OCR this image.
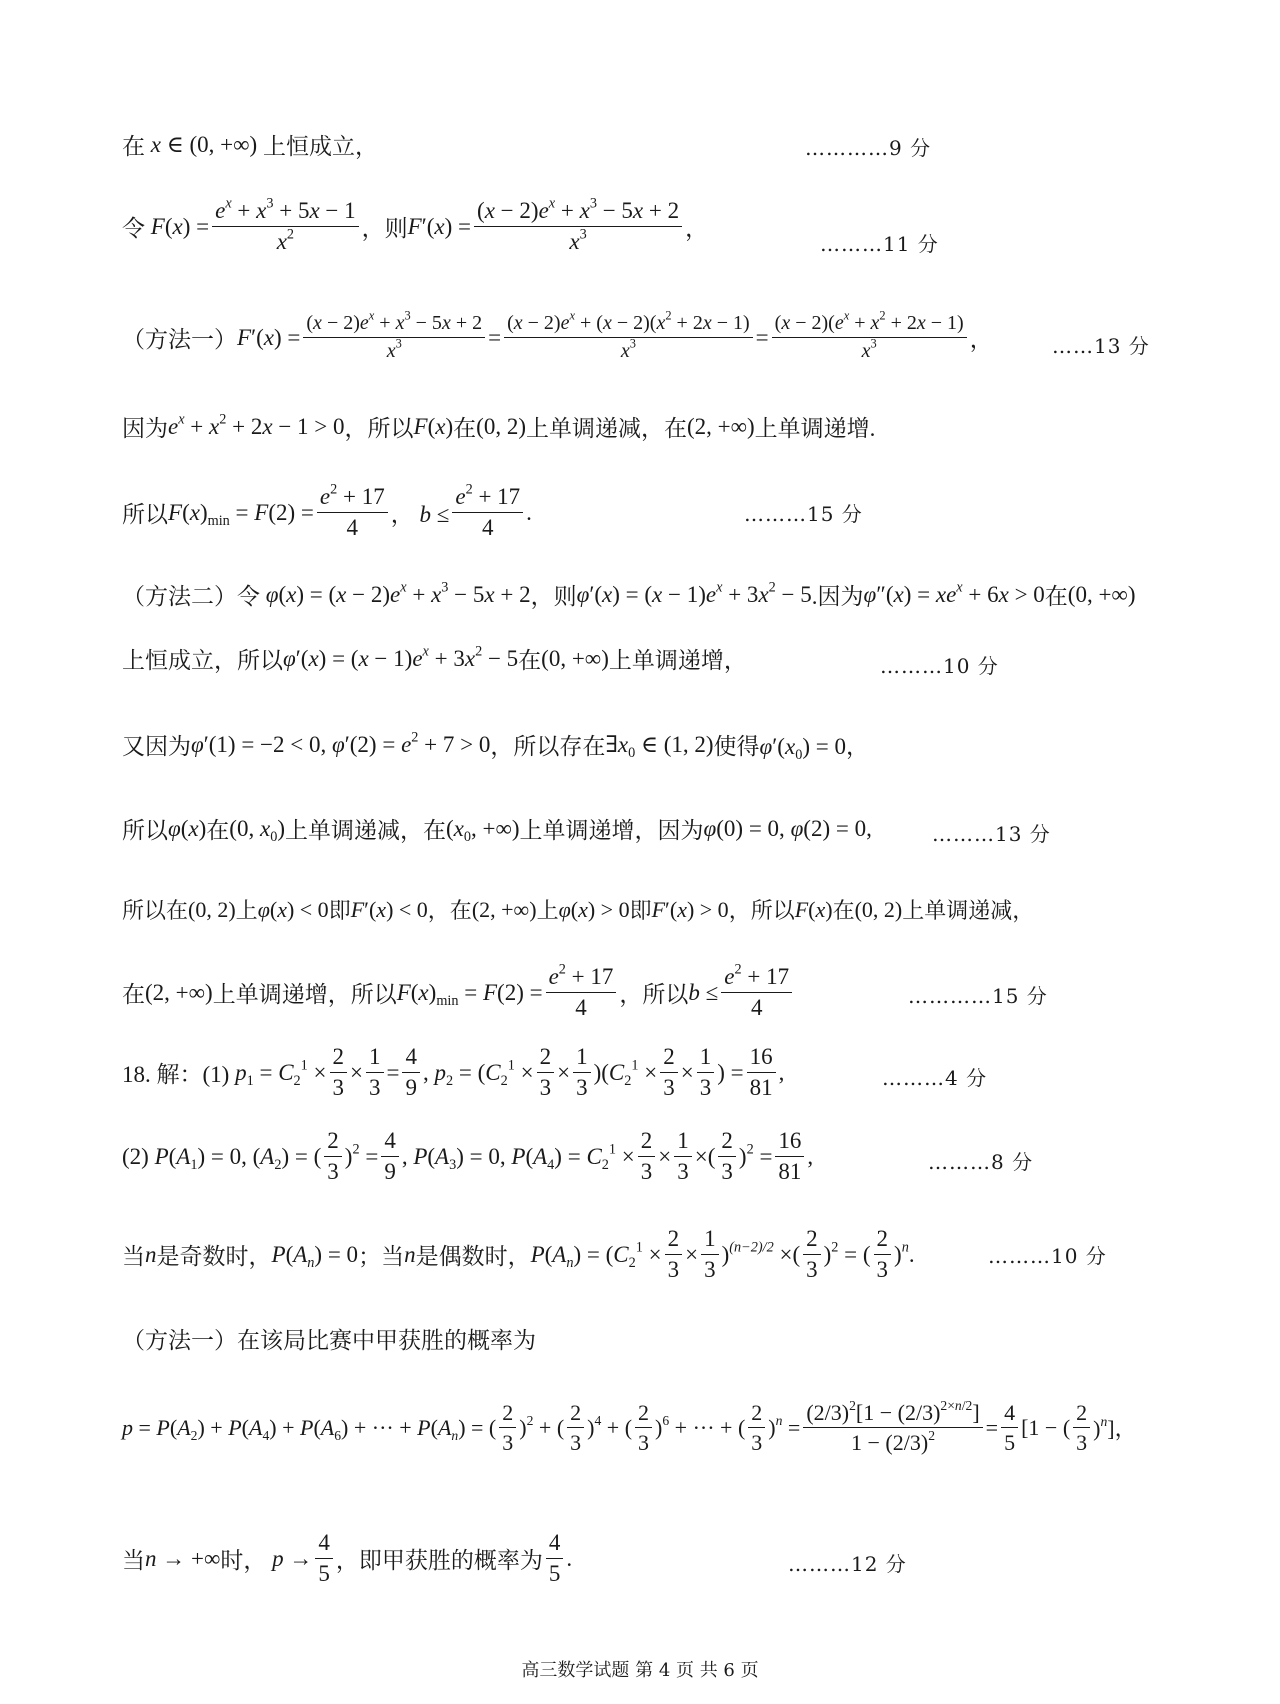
在 x ∈ (0, +∞) 上恒成立，	…………9 分
令 $F(x) = \frac{e^x + x^3 + 5x - 1}{x^2}$ ，则 $F'(x) = \frac{(x - 2)e^x + x^3 - 5x + 2}{x^3}$ ，
………11 分
（方法一） $F'(x) = \frac{(x - 2)e^x + x^3 - 5x + 2}{x^3} = \frac{(x - 2)e^x + (x - 2)(x^2 + 2x - 1)}{x^3} = \frac{(x - 2)(e^x + x^2 + 2x - 1)}{x^3}$ ，	……13 分
因为 $e^x + x^2 + 2x - 1 > 0$ ，所以 F(x) 在 (0, 2) 上单调递减，在 (2, +∞) 上单调递增.
所以 $F(x)_{min} = F(2) = \frac{e^2 + 17}{4}$ ， $b \le \frac{e^2 + 17}{4}$ .	………15 分
（方法二）令 $\varphi(x) = (x - 2)e^x + x^3 - 5x + 2$ ，则 $\varphi'(x) = (x - 1)e^x + 3x^2 - 5$ .因为 $\varphi''(x) = xe^x + 6x > 0$ 在 (0, +∞)
上恒成立，所以 $\varphi'(x) = (x - 1)e^x + 3x^2 - 5$ 在 (0, +∞) 上单调递增，	………10 分
又因为 φ′(1) = −2 < 0, $\varphi'(2) = e^2 + 7 > 0$ ，所以存在 $\exists x_0$ ∈ (1, 2) 使得 $\varphi'(x_0) = 0$，
所以 φ(x) 在 (0, $x_0$) 上单调递减，在 ($x_0$, +∞) 上单调递增，因为 φ(0) = 0, φ(2) = 0,	………13 分
所以在 (0, 2) 上 φ(x) < 0 即 F′(x) < 0 ，在 (2, +∞) 上 φ(x) > 0 即 F′(x) > 0 ，所以 F(x) 在 (0, 2) 上单调递减，
在 (2, +∞) 上单调递增，所以 $F(x)_{min} = F(2) = \frac{e^2 + 17}{4}$ ，所以 $b \le \frac{e^2 + 17}{4}$	…………15 分
18. 解：(1) $p_1 = C_2^1 \times \frac{2}{3} \times \frac{1}{3} = \frac{4}{9}$ , $p_2 = (C_2^1 \times \frac{2}{3} \times \frac{1}{3} )(C_2^1 \times \frac{2}{3} \times \frac{1}{3}$ ) = $\frac{16}{81}$ ,	………4 分
(2) $P(A_1) = 0$, $(A_2)$ = ( $\frac{2}{3} )^2 = \frac{4}{9}$ , $P(A_3) = 0$, $P(A_4) = C_2^1 \times \frac{2}{3} \times \frac{1}{3}$ ×( $\frac{2}{3} )^2 = \frac{16}{81}$ ,	………8 分
当 n 是奇数时， $P(A_n) = 0$ ；当 n 是偶数时， $P(A_n) = (C_2^1 \times \frac{2}{3} \times \frac{1}{3} )^{(n-2)/2}$ ×( $\frac{2}{3} )^2$ = ( $\frac{2}{3} )^n$.	………10 分
（方法一）在该局比赛中甲获胜的概率为
$p = P(A_2) + P(A_4) + P(A_6)$ + ··· + $P(A_n)$ = ( $\frac{2}{3} )^2$ + ( $\frac{2}{3} )^4$ + ( $\frac{2}{3} )^6$ + ··· + ( $\frac{2}{3} )^n = \frac{(2/3)^2[1 - (2/3)^{2\times n/2}]}{1 - (2/3)^2} = \frac{4}{5} [1$ − ( $\frac{2}{3} )^n$]，
当 n → +∞ 时， $p \to \frac{4}{5}$ ，即甲获胜的概率为 $\frac{4}{5}$ .	………12 分
高三数学试题 第 4 页 共 6 页
